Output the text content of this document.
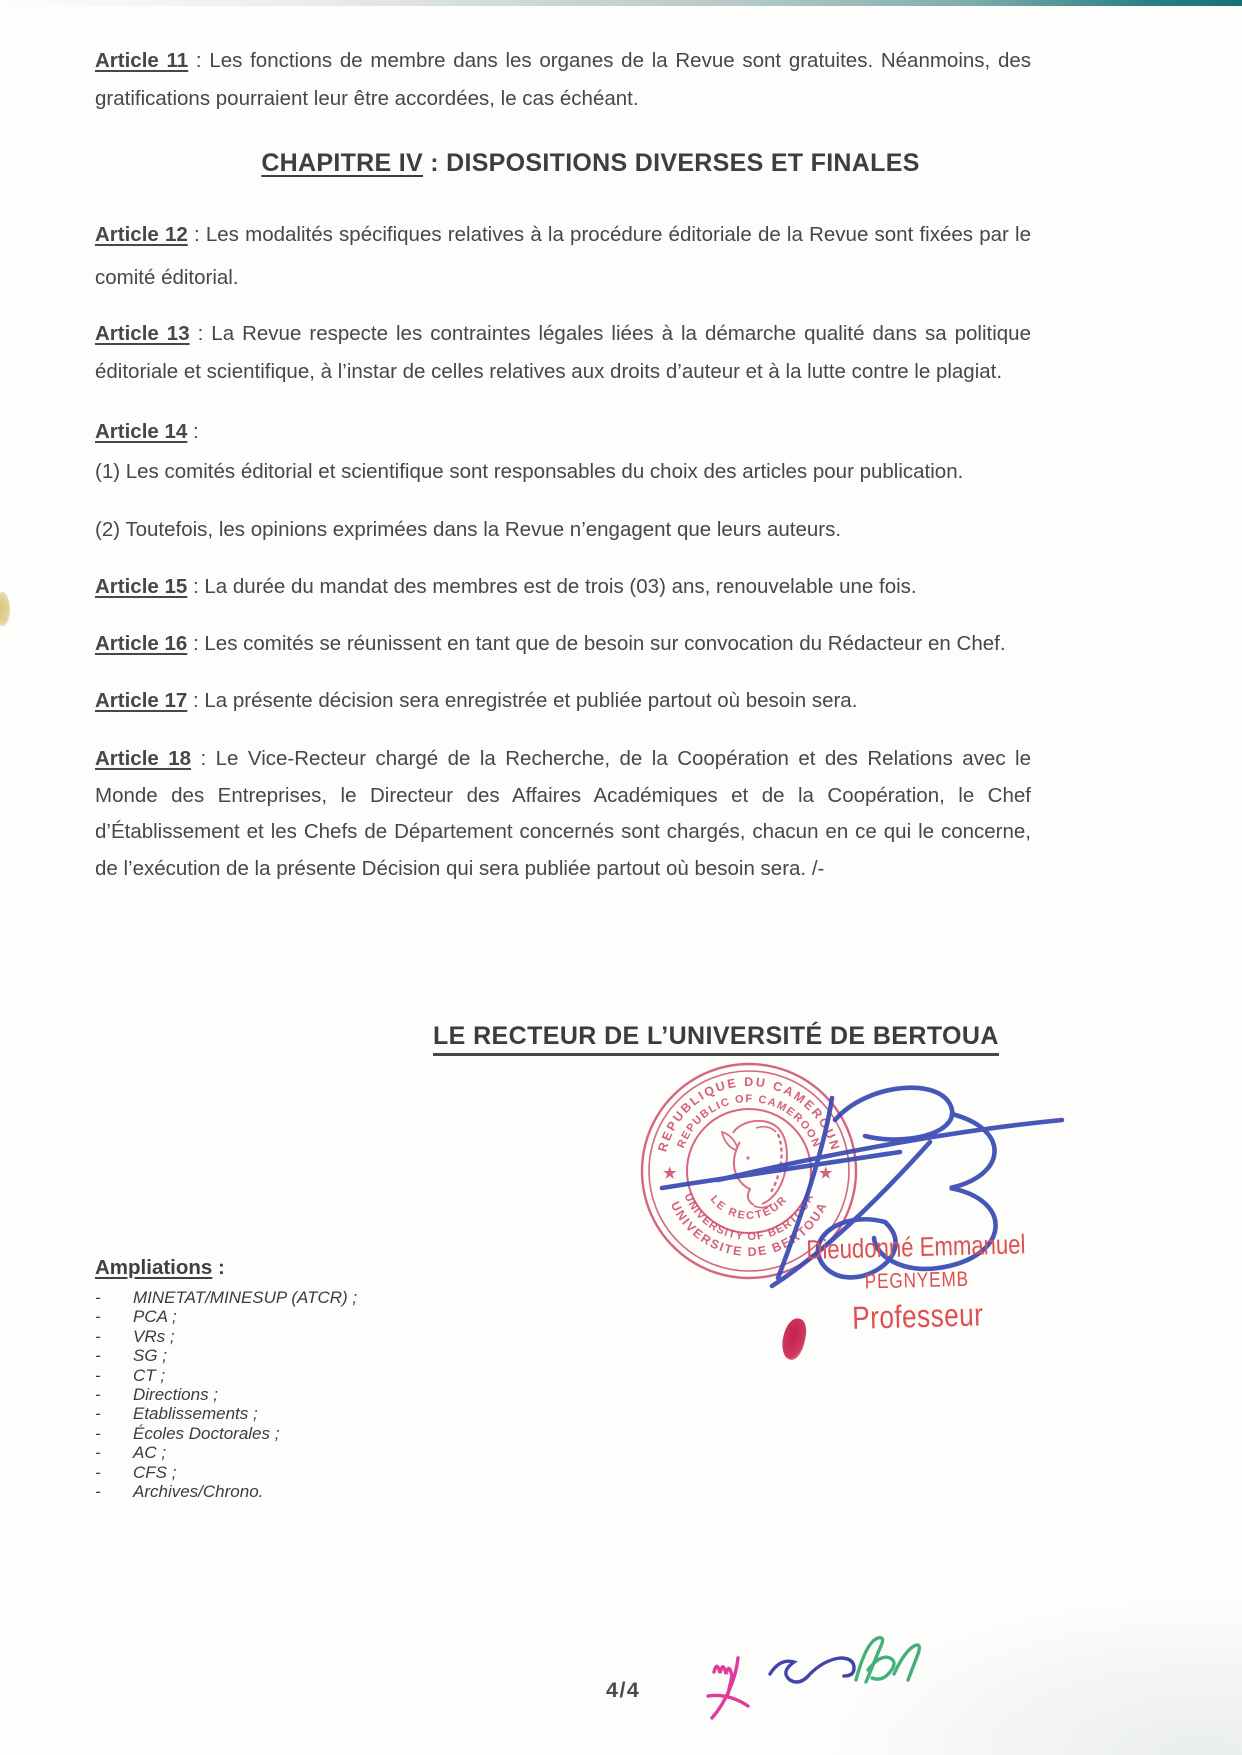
Article 11 : Les fonctions de membre dans les organes de la Revue sont gratuites. Néanmoins, des gratifications pourraient leur être accordées, le cas échéant.

CHAPITRE IV : DISPOSITIONS DIVERSES ET FINALES

Article 12 : Les modalités spécifiques relatives à la procédure éditoriale de la Revue sont fixées par le comité éditorial.

Article 13 : La Revue respecte les contraintes légales liées à la démarche qualité dans sa politique éditoriale et scientifique, à l’instar de celles relatives aux droits d’auteur et à la lutte contre le plagiat.

Article 14 :

(1) Les comités éditorial et scientifique sont responsables du choix des articles pour publication.

(2) Toutefois, les opinions exprimées dans la Revue n’engagent que leurs auteurs.

Article 15 : La durée du mandat des membres est de trois (03) ans, renouvelable une fois.

Article 16 : Les comités se réunissent en tant que de besoin sur convocation du Rédacteur en Chef.

Article 17 : La présente décision sera enregistrée et publiée partout où besoin sera.

Article 18 : Le Vice-Recteur chargé de la Recherche, de la Coopération et des Relations avec le Monde des Entreprises, le Directeur des Affaires Académiques et de la Coopération, le Chef d’Établissement et les Chefs de Département concernés sont chargés, chacun en ce qui le concerne, de l’exécution de la présente Décision qui sera publiée partout où besoin sera. /-

LE RECTEUR DE L’UNIVERSITÉ DE BERTOUA
REPUBLIQUE DU CAMEROUN
REPUBLIC OF CAMEROON
UNIVERSITE DE BERTOUA
UNIVERSITY OF BERTOUA
LE RECTEUR
★	★
Dieudonné Emmanuel
PEGNYEMB
Professeur
Ampliations :
-	MINETAT/MINESUP (ATCR) ;
-	PCA ;
-	VRs ;
-	SG ;
-	CT ;
-	Directions ;
-	Etablissements ;
-	Écoles Doctorales ;
-	AC ;
-	CFS ;
-	Archives/Chrono.
4/4
